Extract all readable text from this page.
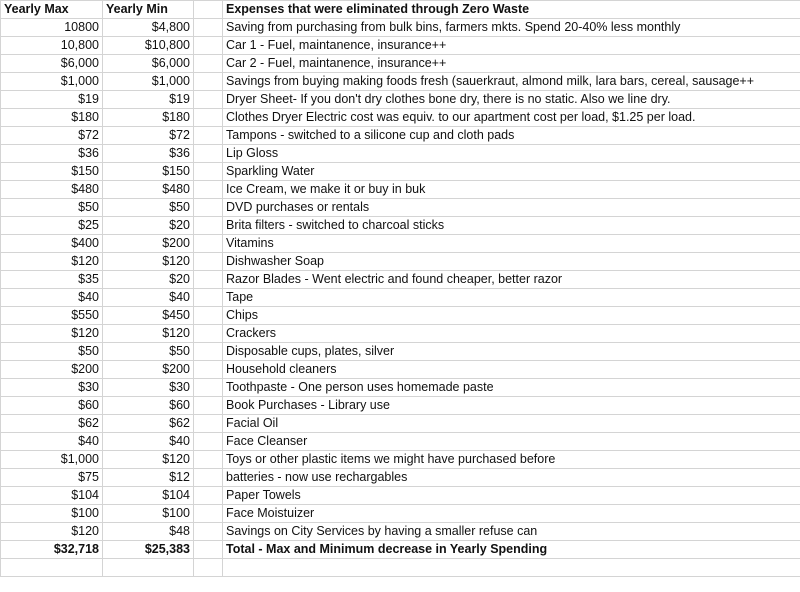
Yearly Max	Yearly Min		Expenses that were eliminated through Zero Waste
10800	$4,800		Saving from purchasing from bulk bins, farmers mkts. Spend 20-40% less monthly
10,800	$10,800		Car 1 - Fuel, maintanence, insurance++
$6,000	$6,000		Car 2 - Fuel, maintanence, insurance++
$1,000	$1,000		Savings from buying making foods fresh (sauerkraut, almond milk, lara bars, cereal, sausage++
$19	$19		Dryer Sheet- If you don't dry clothes bone dry, there is no static. Also we line dry.
$180	$180		Clothes Dryer Electric cost was equiv. to our apartment cost per load, $1.25 per load.
$72	$72		Tampons - switched to a silicone cup and cloth pads
$36	$36		Lip Gloss
$150	$150		Sparkling Water
$480	$480		Ice Cream, we make it or buy in buk
$50	$50		DVD purchases or rentals
$25	$20		Brita filters - switched to charcoal sticks
$400	$200		Vitamins
$120	$120		Dishwasher Soap
$35	$20		Razor Blades - Went electric and found cheaper, better razor
$40	$40		Tape
$550	$450		Chips
$120	$120		Crackers
$50	$50		Disposable cups, plates, silver
$200	$200		Household cleaners
$30	$30		Toothpaste - One person uses homemade paste
$60	$60		Book Purchases - Library use
$62	$62		Facial Oil
$40	$40		Face Cleanser
$1,000	$120		Toys or other plastic items we might have purchased before
$75	$12		batteries - now use rechargables
$104	$104		Paper Towels
$100	$100		Face Moistuizer
$120	$48		Savings on City Services by having a smaller refuse can
$32,718	$25,383		Total - Max and Minimum decrease in Yearly Spending
